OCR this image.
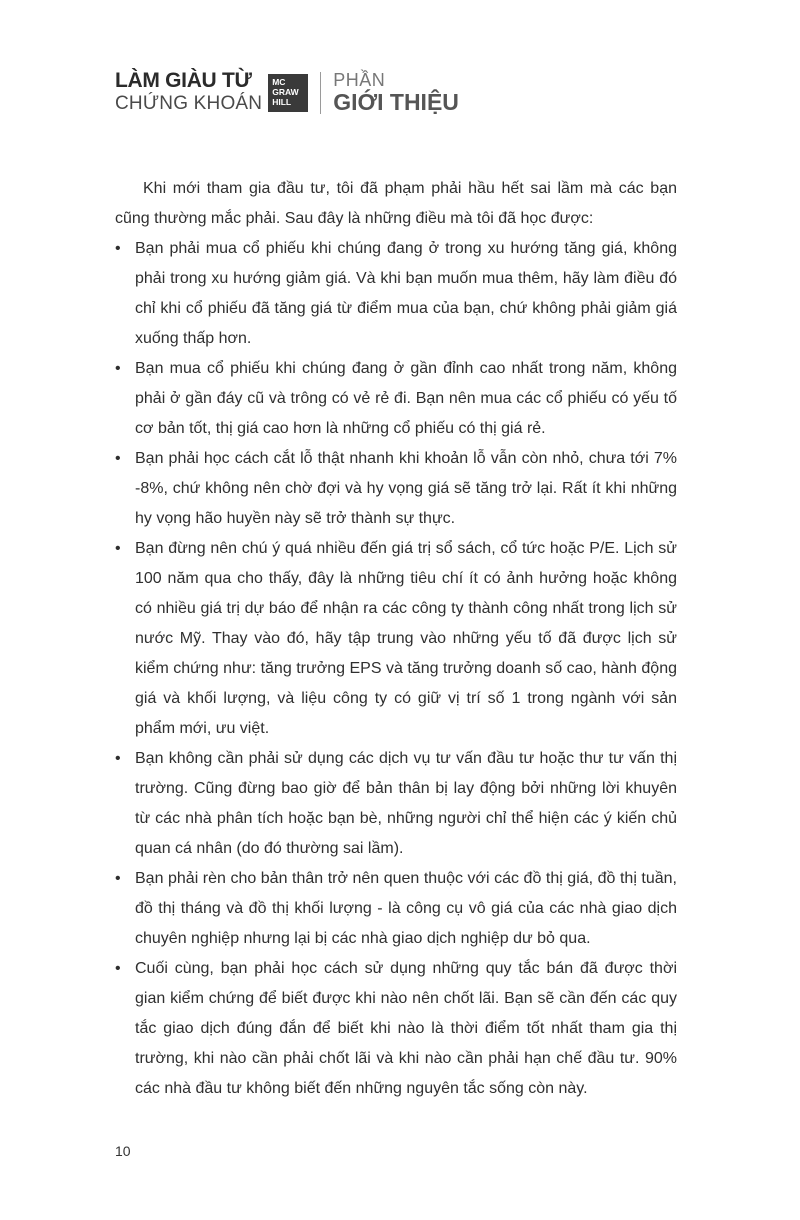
LÀM GIÀU TỪ
CHỨNG KHOÁN
MC
GRAW
HILL
PHẦN
GIỚI THIỆU

Khi mới tham gia đầu tư, tôi đã phạm phải hầu hết sai lầm mà các bạn cũng thường mắc phải. Sau đây là những điều mà tôi đã học được:

• Bạn phải mua cổ phiếu khi chúng đang ở trong xu hướng tăng giá, không phải trong xu hướng giảm giá. Và khi bạn muốn mua thêm, hãy làm điều đó chỉ khi cổ phiếu đã tăng giá từ điểm mua của bạn, chứ không phải giảm giá xuống thấp hơn.
• Bạn mua cổ phiếu khi chúng đang ở gần đỉnh cao nhất trong năm, không phải ở gần đáy cũ và trông có vẻ rẻ đi. Bạn nên mua các cổ phiếu có yếu tố cơ bản tốt, thị giá cao hơn là những cổ phiếu có thị giá rẻ.
• Bạn phải học cách cắt lỗ thật nhanh khi khoản lỗ vẫn còn nhỏ, chưa tới 7% -8%, chứ không nên chờ đợi và hy vọng giá sẽ tăng trở lại. Rất ít khi những hy vọng hão huyền này sẽ trở thành sự thực.
• Bạn đừng nên chú ý quá nhiều đến giá trị sổ sách, cổ tức hoặc P/E. Lịch sử 100 năm qua cho thấy, đây là những tiêu chí ít có ảnh hưởng hoặc không có nhiều giá trị dự báo để nhận ra các công ty thành công nhất trong lịch sử nước Mỹ. Thay vào đó, hãy tập trung vào những yếu tố đã được lịch sử kiểm chứng như: tăng trưởng EPS và tăng trưởng doanh số cao, hành động giá và khối lượng, và liệu công ty có giữ vị trí số 1 trong ngành với sản phẩm mới, ưu việt.
• Bạn không cần phải sử dụng các dịch vụ tư vấn đầu tư hoặc thư tư vấn thị trường. Cũng đừng bao giờ để bản thân bị lay động bởi những lời khuyên từ các nhà phân tích hoặc bạn bè, những người chỉ thể hiện các ý kiến chủ quan cá nhân (do đó thường sai lầm).
• Bạn phải rèn cho bản thân trở nên quen thuộc với các đồ thị giá, đồ thị tuần, đồ thị tháng và đồ thị khối lượng - là công cụ vô giá của các nhà giao dịch chuyên nghiệp nhưng lại bị các nhà giao dịch nghiệp dư bỏ qua.
• Cuối cùng, bạn phải học cách sử dụng những quy tắc bán đã được thời gian kiểm chứng để biết được khi nào nên chốt lãi. Bạn sẽ cần đến các quy tắc giao dịch đúng đắn để biết khi nào là thời điểm tốt nhất tham gia thị trường, khi nào cần phải chốt lãi và khi nào cần phải hạn chế đầu tư. 90% các nhà đầu tư không biết đến những nguyên tắc sống còn này.
10
